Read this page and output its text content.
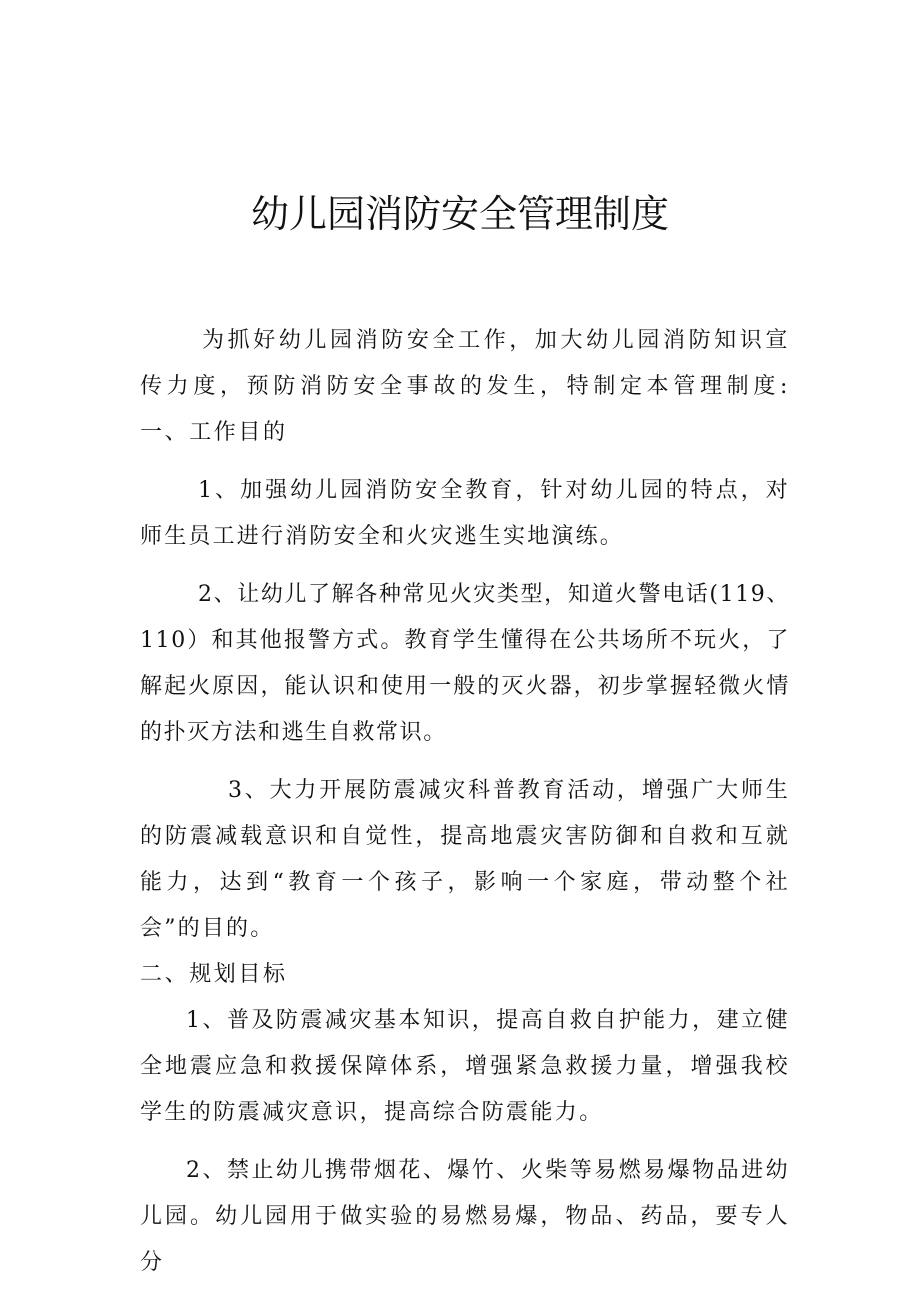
幼儿园消防安全管理制度

为抓好幼儿园消防安全工作，加大幼儿园消防知识宣传力度，预防消防安全事故的发生，特制定本管理制度: 一、工作目的

1、加强幼儿园消防安全教育，针对幼儿园的特点，对师生员工进行消防安全和火灾逃生实地演练。

2、让幼儿了解各种常见火灾类型，知道火警电话(119、110）和其他报警方式。教育学生懂得在公共场所不玩火，了解起火原因，能认识和使用一般的灭火器，初步掌握轻微火情的扑灭方法和逃生自救常识。

3、大力开展防震减灾科普教育活动，增强广大师生的防震减载意识和自觉性，提高地震灾害防御和自救和互就能力，达到“教育一个孩子，影响一个家庭，带动整个社会”的目的。

二、规划目标

1、普及防震减灾基本知识，提高自救自护能力，建立健全地震应急和救援保障体系，增强紧急救援力量，增强我校学生的防震减灾意识，提高综合防震能力。

2、禁止幼儿携带烟花、爆竹、火柴等易燃易爆物品进幼儿园。幼儿园用于做实验的易燃易爆，物品、药品，要专人分
